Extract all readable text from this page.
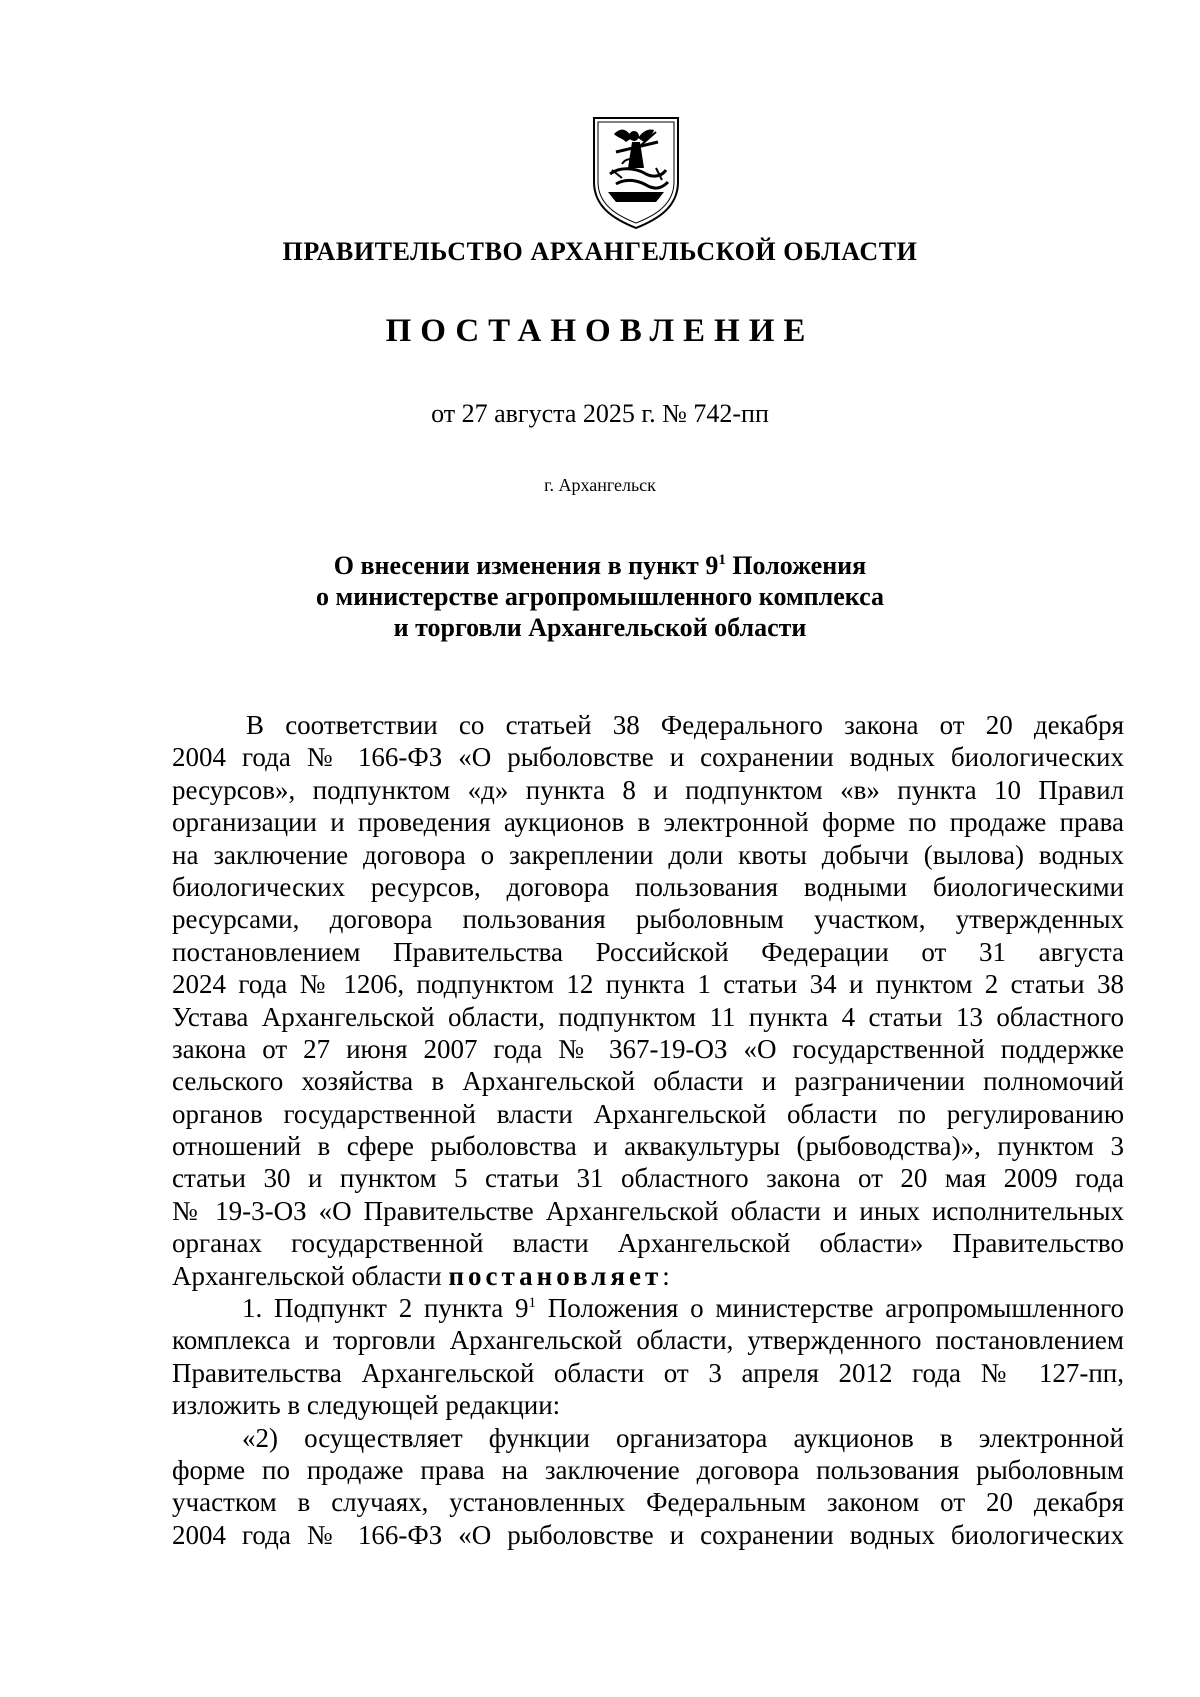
ПРАВИТЕЛЬСТВО АРХАНГЕЛЬСКОЙ ОБЛАСТИ
ПОСТАНОВЛЕНИЕ
от 27 августа 2025 г. № 742-пп
г. Архангельск
О внесении изменения в пункт $9^1$ Положения
о министерстве агропромышленного комплекса
и торговли Архангельской области
В соответствии со статьей 38 Федерального закона от 20 декабря
2004 года № 166-ФЗ «О рыболовстве и сохранении водных биологических
ресурсов», подпунктом «д» пункта 8 и подпунктом «в» пункта 10 Правил
организации и проведения аукционов в электронной форме по продаже права
на заключение договора о закреплении доли квоты добычи (вылова) водных
биологических ресурсов, договора пользования водными биологическими
ресурсами, договора пользования рыболовным участком, утвержденных
постановлением Правительства Российской Федерации от 31 августа
2024 года № 1206, подпунктом 12 пункта 1 статьи 34 и пунктом 2 статьи 38
Устава Архангельской области, подпунктом 11 пункта 4 статьи 13 областного
закона от 27 июня 2007 года № 367-19-ОЗ «О государственной поддержке
сельского хозяйства в Архангельской области и разграничении полномочий
органов государственной власти Архангельской области по регулированию
отношений в сфере рыболовства и аквакультуры (рыбоводства)», пунктом 3
статьи 30 и пунктом 5 статьи 31 областного закона от 20 мая 2009 года
№ 19-3-ОЗ «О Правительстве Архангельской области и иных исполнительных
органах государственной власти Архангельской области» Правительство
Архангельской области постановляет:
1. Подпункт 2 пункта $9^1$ Положения о министерстве агропромышленного
комплекса и торговли Архангельской области, утвержденного постановлением
Правительства Архангельской области от 3 апреля 2012 года № 127-пп,
изложить в следующей редакции:
«2) осуществляет функции организатора аукционов в электронной
форме по продаже права на заключение договора пользования рыболовным
участком в случаях, установленных Федеральным законом от 20 декабря
2004 года № 166-ФЗ «О рыболовстве и сохранении водных биологических
